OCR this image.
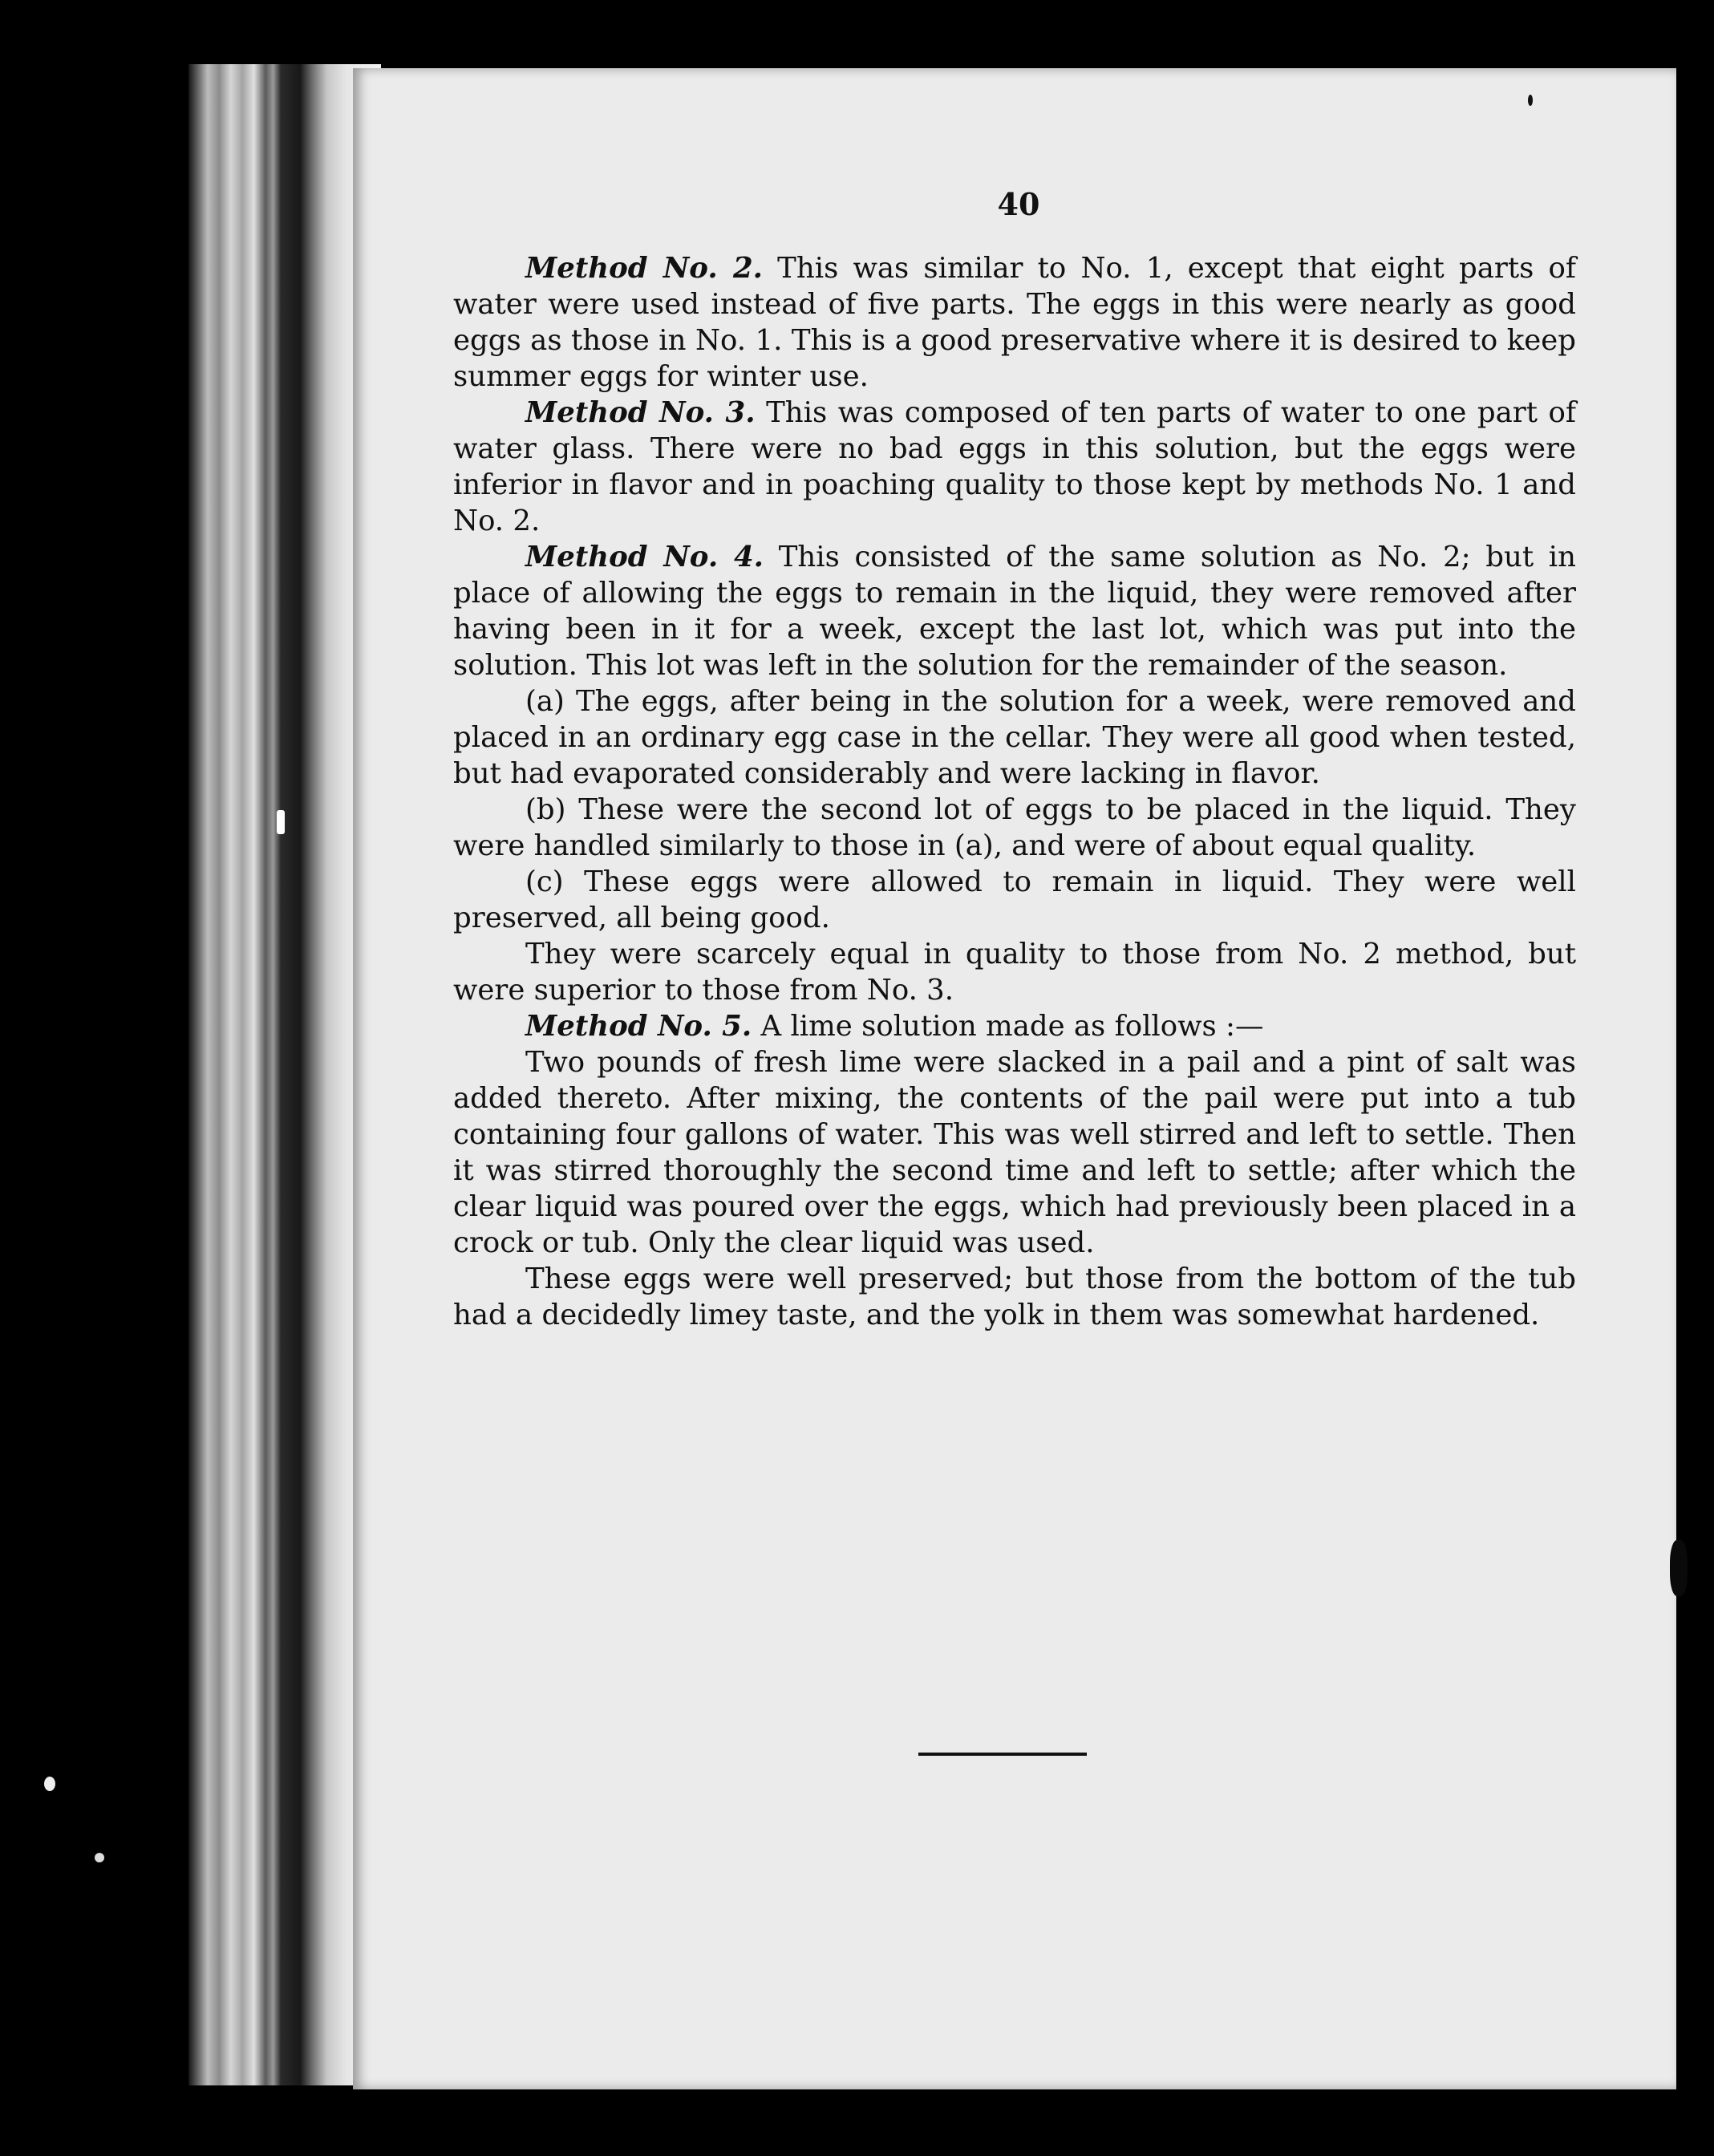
40

Method No. 2. This was similar to No. 1, except that eight parts of water were used instead of five parts. The eggs in this were nearly as good eggs as those in No. 1. This is a good preservative where it is desired to keep summer eggs for winter use.

Method No. 3. This was composed of ten parts of water to one part of water glass. There were no bad eggs in this solution, but the eggs were inferior in flavor and in poaching quality to those kept by methods No. 1 and No. 2.

Method No. 4. This consisted of the same solution as No. 2; but in place of allowing the eggs to remain in the liquid, they were removed after having been in it for a week, except the last lot, which was put into the solution. This lot was left in the solution for the remainder of the season.

(a) The eggs, after being in the solution for a week, were removed and placed in an ordinary egg case in the cellar. They were all good when tested, but had evaporated considerably and were lacking in flavor.

(b) These were the second lot of eggs to be placed in the liquid. They were handled similarly to those in (a), and were of about equal quality.

(c) These eggs were allowed to remain in liquid. They were well preserved, all being good.

They were scarcely equal in quality to those from No. 2 method, but were superior to those from No. 3.

Method No. 5. A lime solution made as follows :—

Two pounds of fresh lime were slacked in a pail and a pint of salt was added thereto. After mixing, the contents of the pail were put into a tub containing four gallons of water. This was well stirred and left to settle. Then it was stirred thoroughly the second time and left to settle; after which the clear liquid was poured over the eggs, which had previously been placed in a crock or tub. Only the clear liquid was used.

These eggs were well preserved; but those from the bottom of the tub had a decidedly limey taste, and the yolk in them was somewhat hardened.
